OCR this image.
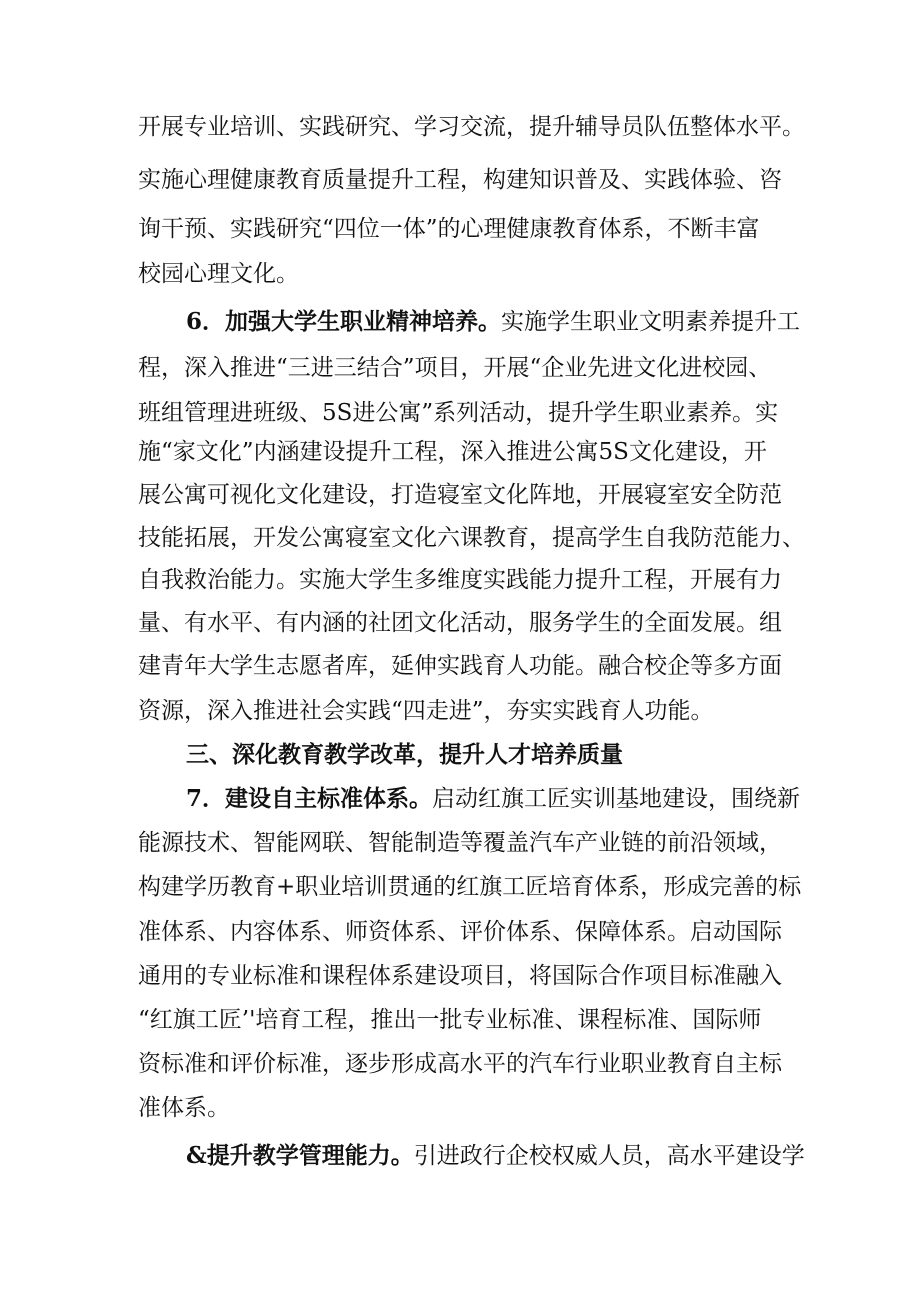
开展专业培训、实践研究、学习交流，提升辅导员队伍整体水平。
实施心理健康教育质量提升工程，构建知识普及、实践体验、咨
询干预、实践研究“四位一体”的心理健康教育体系，不断丰富
校园心理文化。
6．加强大学生职业精神培养。实施学生职业文明素养提升工
程，深入推进“三进三结合”项目，开展“企业先进文化进校园、
班组管理进班级、5S进公寓”系列活动，提升学生职业素养。实
施“家文化”内涵建设提升工程，深入推进公寓5S文化建设，开
展公寓可视化文化建设，打造寝室文化阵地，开展寝室安全防范
技能拓展，开发公寓寝室文化六课教育，提高学生自我防范能力、
自我救治能力。实施大学生多维度实践能力提升工程，开展有力
量、有水平、有内涵的社团文化活动，服务学生的全面发展。组
建青年大学生志愿者库，延伸实践育人功能。融合校企等多方面
资源，深入推进社会实践“四走进”，夯实实践育人功能。
三、深化教育教学改革，提升人才培养质量
7．建设自主标准体系。启动红旗工匠实训基地建设，围绕新
能源技术、智能网联、智能制造等覆盖汽车产业链的前沿领域，
构建学历教育+职业培训贯通的红旗工匠培育体系，形成完善的标
准体系、内容体系、师资体系、评价体系、保障体系。启动国际
通用的专业标准和课程体系建设项目，将国际合作项目标准融入
“红旗工匠’'培育工程，推出一批专业标准、课程标准、国际师
资标准和评价标准，逐步形成高水平的汽车行业职业教育自主标
准体系。
&提升教学管理能力。引进政行企校权威人员，高水平建设学
